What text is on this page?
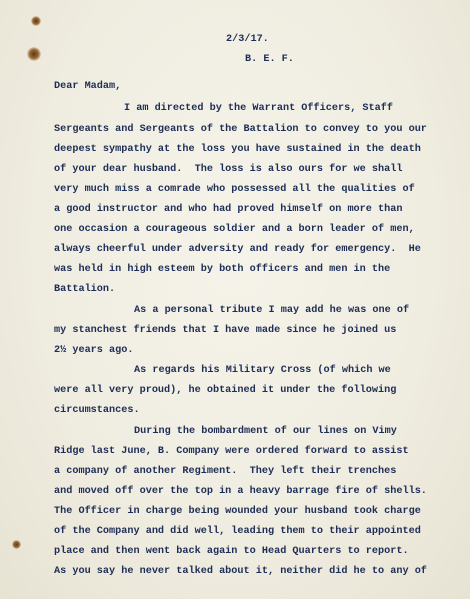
2/3/17.
B. E. F.
Dear Madam,
I am directed by the Warrant Officers, Staff
Sergeants and Sergeants of the Battalion to convey to you our
deepest sympathy at the loss you have sustained in the death
of your dear husband.  The loss is also ours for we shall
very much miss a comrade who possessed all the qualities of
a good instructor and who had proved himself on more than
one occasion a courageous soldier and a born leader of men,
always cheerful under adversity and ready for emergency.  He
was held in high esteem by both officers and men in the
Battalion.
As a personal tribute I may add he was one of
my stanchest friends that I have made since he joined us
2½ years ago.
As regards his Military Cross (of which we
were all very proud), he obtained it under the following
circumstances.
During the bombardment of our lines on Vimy
Ridge last June, B. Company were ordered forward to assist
a company of another Regiment.  They left their trenches
and moved off over the top in a heavy barrage fire of shells.
The Officer in charge being wounded your husband took charge
of the Company and did well, leading them to their appointed
place and then went back again to Head Quarters to report.
As you say he never talked about it, neither did he to any of
